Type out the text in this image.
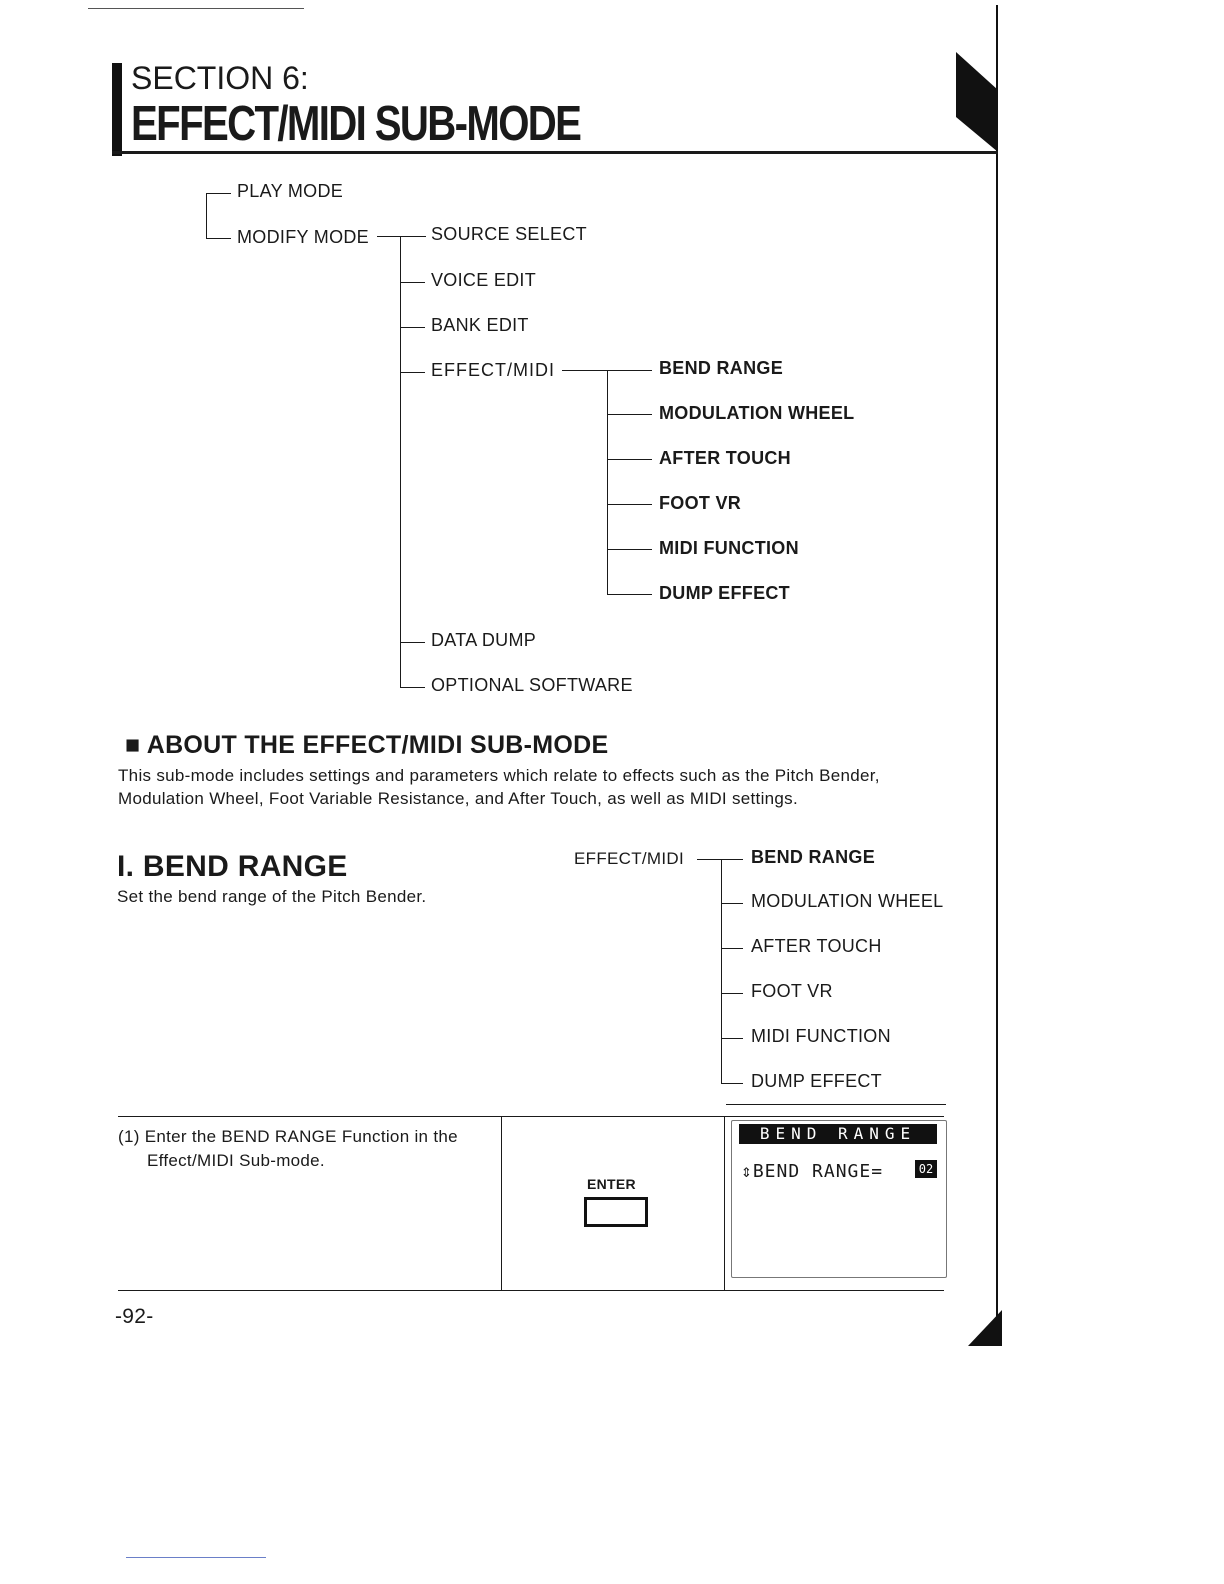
SECTION 6:
EFFECT/MIDI SUB-MODE
PLAY MODE
MODIFY MODE	SOURCE SELECT
VOICE EDIT
BANK EDIT
EFFECT/MIDI
DATA DUMP
OPTIONAL SOFTWARE
BEND RANGE
MODULATION WHEEL
AFTER TOUCH
FOOT VR
MIDI FUNCTION
DUMP EFFECT
■ ABOUT THE EFFECT/MIDI SUB-MODE
This sub-mode includes settings and parameters which relate to effects such as the Pitch Bender,
Modulation Wheel, Foot Variable Resistance, and After Touch, as well as MIDI settings.
I. BEND RANGE
Set the bend range of the Pitch Bender.
EFFECT/MIDI	BEND RANGE
MODULATION WHEEL
AFTER TOUCH
FOOT VR
MIDI FUNCTION
DUMP EFFECT
(1) Enter the BEND RANGE Function in the
Effect/MIDI Sub-mode.
ENTER
BEND RANGE
⇕BEND RANGE=	02
-92-
